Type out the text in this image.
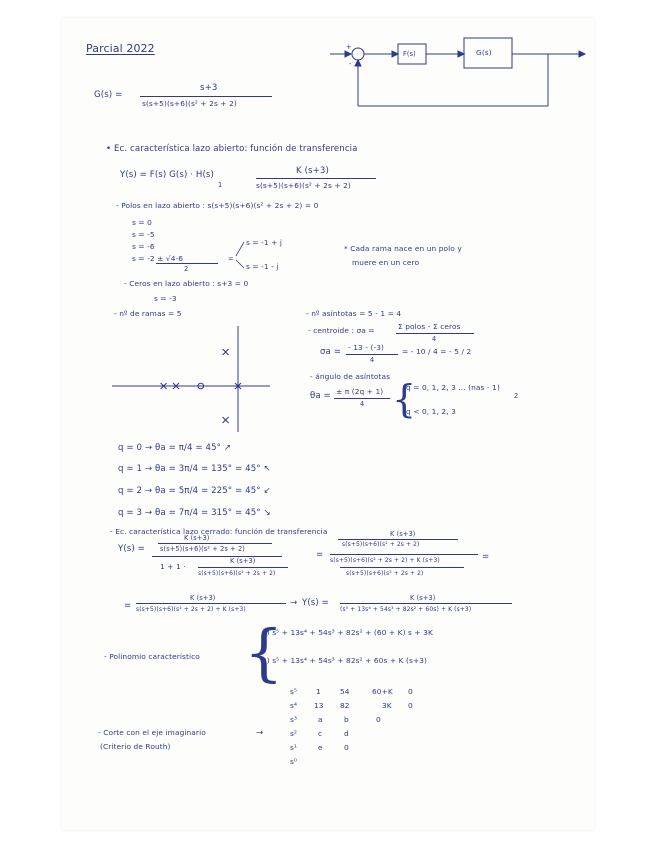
Parcial 2022	+
-
F(s)	G(s)
G(s) =
s+3
s(s+5)(s+6)(s² + 2s + 2)
• Ec. característica lazo abierto: función de transferencia
Y(s) = F(s) G(s) · H(s)
1
K (s+3)
s(s+5)(s+6)(s² + 2s + 2)
- Polos en lazo abierto : s(s+5)(s+6)(s² + 2s + 2) = 0
s = 0
s = -5
s = -6
s = -2 ± √4-6
2
=
s = -1 + j
s = -1 - j
* Cada rama nace en un polo y
muere en un cero
- Ceros en lazo abierto : s+3 = 0
s = -3
- nº de ramas = 5	- nº asíntotas = 5 - 1 = 4
- centroide : σa =	Σ polos - Σ ceros
4
σa = - 13 - (-3)
4
= - 10 / 4 = - 5 / 2
- ángulo de asíntotas
θa = ± π (2q + 1)
4 {
q = 0, 1, 2, 3 ... (nas - 1)
2
q < 0, 1, 2, 3
q = 0 → θa = π/4 = 45° ↗
q = 1 → θa = 3π/4 = 135° = 45° ↖
q = 2 → θa = 5π/4 = 225° = 45° ↙
q = 3 → θa = 7π/4 = 315° = 45° ↘
- Ec. característica lazo cerrado: función de transferencia
Y(s) =
K (s+3)
s(s+5)(s+6)(s² + 2s + 2)
1 + 1 ·
K (s+3)
s(s+5)(s+6)(s² + 2s + 2)
=
K (s+3)
s(s+5)(s+6)(s² + 2s + 2)
s(s+5)(s+6)(s² + 2s + 2) + K (s+3)
s(s+5)(s+6)(s² + 2s + 2)
=
=
K (s+3)
s(s+5)(s+6)(s² + 2s + 2) + K (s+3)
→ Y(s) =	K (s+3)
(s⁵ + 13s⁴ + 54s³ + 82s² + 60s) + K (s+3)
- Polinomio característico {
1) s⁵ + 13s⁴ + 54s³ + 82s² + (60 + K) s + 3K
2) s⁵ + 13s⁴ + 54s³ + 82s² + 60s + K (s+3)
- Corte con el eje imaginario
(Criterio de Routh)
→
s⁵	1	54	60+K 0
s⁴ 13 82	3K 0
s³	a	b	0
s²	c	d
s¹	e	0
s⁰
